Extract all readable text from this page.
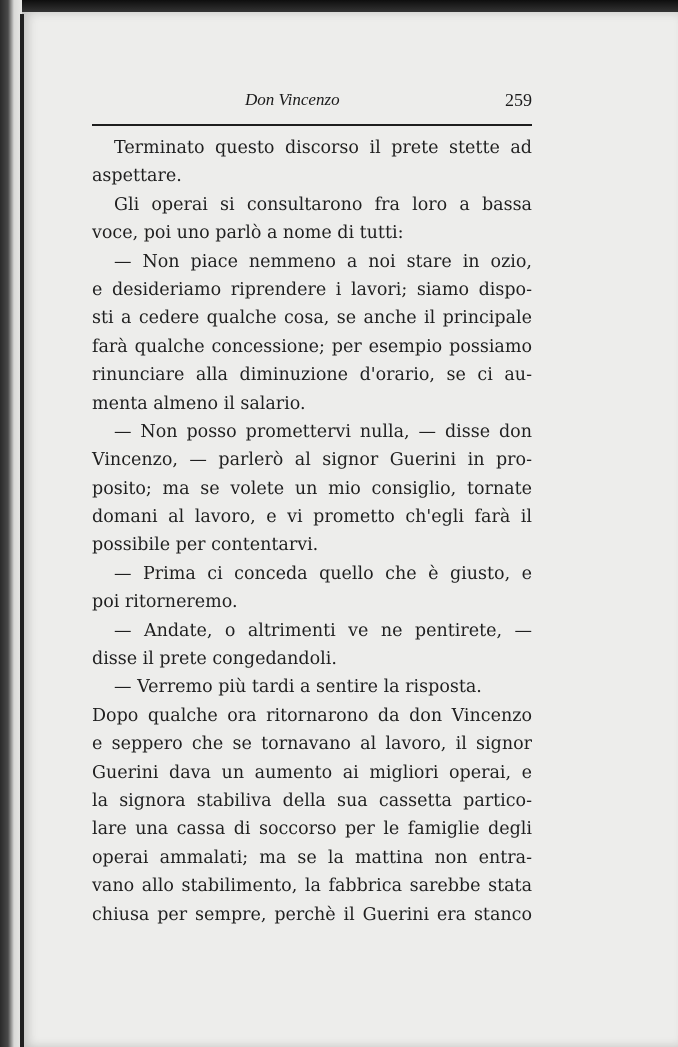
Don Vincenzo	259
Terminato questo discorso il prete stette ad
aspettare.
Gli operai si consultarono fra loro a bassa
voce, poi uno parlò a nome di tutti:
— Non piace nemmeno a noi stare in ozio,
e desideriamo riprendere i lavori; siamo dispo-
sti a cedere qualche cosa, se anche il principale
farà qualche concessione; per esempio possiamo
rinunciare alla diminuzione d'orario, se ci au-
menta almeno il salario.
— Non posso promettervi nulla, — disse don
Vincenzo, — parlerò al signor Guerini in pro-
posito; ma se volete un mio consiglio, tornate
domani al lavoro, e vi prometto ch'egli farà il
possibile per contentarvi.
— Prima ci conceda quello che è giusto, e
poi ritorneremo.
— Andate, o altrimenti ve ne pentirete, —
disse il prete congedandoli.
— Verremo più tardi a sentire la risposta.
Dopo qualche ora ritornarono da don Vincenzo
e seppero che se tornavano al lavoro, il signor
Guerini dava un aumento ai migliori operai, e
la signora stabiliva della sua cassetta partico-
lare una cassa di soccorso per le famiglie degli
operai ammalati; ma se la mattina non entra-
vano allo stabilimento, la fabbrica sarebbe stata
chiusa per sempre, perchè il Guerini era stanco
